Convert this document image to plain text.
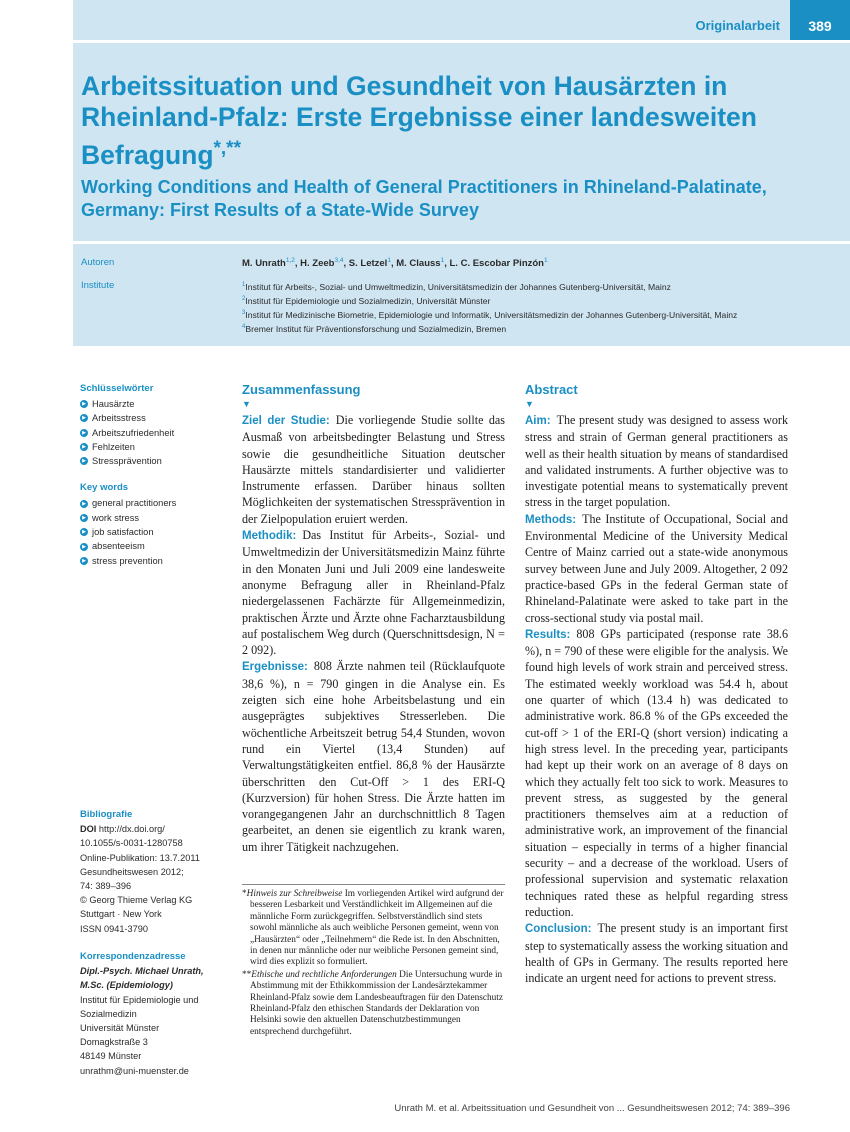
Originalarbeit	389
Arbeitssituation und Gesundheit von Hausärzten in Rheinland-Pfalz: Erste Ergebnisse einer landesweiten Befragung*,**
Working Conditions and Health of General Practitioners in Rhineland-Palatinate, Germany: First Results of a State-Wide Survey
Autoren	M. Unrath$^{1,2}$, H. Zeeb$^{3,4}$, S. Letzel$^1$, M. Clauss$^1$, L. C. Escobar Pinzón$^1$
Institute	$^1$Institut für Arbeits-, Sozial- und Umweltmedizin, Universitätsmedizin der Johannes Gutenberg-Universität, Mainz
$^2$Institut für Epidemiologie und Sozialmedizin, Universität Münster
$^3$Institut für Medizinische Biometrie, Epidemiologie und Informatik, Universitätsmedizin der Johannes Gutenberg-Universität, Mainz
$^4$Bremer Institut für Präventionsforschung und Sozialmedizin, Bremen
Schlüsselwörter
▶ Hausärzte
▶ Arbeitsstress
▶ Arbeitszufriedenheit
▶ Fehlzeiten
▶ Stressprävention
Key words
▶ general practitioners
▶ work stress
▶ job satisfaction
▶ absenteeism
▶ stress prevention
Bibliografie
DOI http://dx.doi.org/
10.1055/s-0031-1280758
Online-Publikation: 13.7.2011
Gesundheitswesen 2012;
74: 389–396
© Georg Thieme Verlag KG
Stuttgart · New York
ISSN 0941-3790
Korrespondenzadresse
Dipl.-Psych. Michael Unrath,
M.Sc. (Epidemiology)
Institut für Epidemiologie und
Sozialmedizin
Universität Münster
Domagkstraße 3
48149 Münster
unrathm@uni-muenster.de
Zusammenfassung
▼

Ziel der Studie: Die vorliegende Studie sollte das Ausmaß von arbeitsbedingter Belastung und Stress sowie die gesundheitliche Situation deutscher Hausärzte mittels standardisierter und validierter Instrumente erfassen. Darüber hinaus sollten Möglichkeiten der systematischen Stressprävention in der Zielpopulation eruiert werden.

Methodik: Das Institut für Arbeits-, Sozial- und Umweltmedizin der Universitätsmedizin Mainz führte in den Monaten Juni und Juli 2009 eine landesweite anonyme Befragung aller in Rheinland-Pfalz niedergelassenen Fachärzte für Allgemeinmedizin, praktischen Ärzte und Ärzte ohne Facharztausbildung auf postalischem Weg durch (Querschnittsdesign, N = 2 092).

Ergebnisse: 808 Ärzte nahmen teil (Rücklaufquote 38,6 %), n = 790 gingen in die Analyse ein. Es zeigten sich eine hohe Arbeitsbelastung und ein ausgeprägtes subjektives Stresserleben. Die wöchentliche Arbeitszeit betrug 54,4 Stunden, wovon rund ein Viertel (13,4 Stunden) auf Verwaltungstätigkeiten entfiel. 86,8 % der Hausärzte überschritten den Cut-Off > 1 des ERI-Q (Kurzversion) für hohen Stress. Die Ärzte hatten im vorangegangenen Jahr an durchschnittlich 8 Tagen gearbeitet, an denen sie eigentlich zu krank waren, um ihrer Tätigkeit nachzugehen.

*Hinweis zur Schreibweise Im vorliegenden Artikel wird aufgrund der besseren Lesbarkeit und Verständlichkeit im Allgemeinen auf die männliche Form zurückgegriffen. Selbstverständlich sind stets sowohl männliche als auch weibliche Personen gemeint, wenn von „Hausärzten“ oder „Teilnehmern“ die Rede ist. In den Abschnitten, in denen nur männliche oder nur weibliche Personen gemeint sind, wird dies explizit so formuliert.

**Ethische und rechtliche Anforderungen Die Untersuchung wurde in Abstimmung mit der Ethikkommission der Landesärztekammer Rheinland-Pfalz sowie dem Landesbeauftragen für den Datenschutz Rheinland-Pfalz den ethischen Standards der Deklaration von Helsinki sowie den aktuellen Datenschutzbestimmungen entsprechend durchgeführt.

Abstract
▼

Aim: The present study was designed to assess work stress and strain of German general practitioners as well as their health situation by means of standardised and validated instruments. A further objective was to investigate potential means to systematically prevent stress in the target population.

Methods: The Institute of Occupational, Social and Environmental Medicine of the University Medical Centre of Mainz carried out a state-wide anonymous survey between June and July 2009. Altogether, 2 092 practice-based GPs in the federal German state of Rhineland-Palatinate were asked to take part in the cross-sectional study via postal mail.

Results: 808 GPs participated (response rate 38.6 %), n = 790 of these were eligible for the analysis. We found high levels of work strain and perceived stress. The estimated weekly workload was 54.4 h, about one quarter of which (13.4 h) was dedicated to administrative work. 86.8 % of the GPs exceeded the cut-off > 1 of the ERI-Q (short version) indicating a high stress level. In the preceding year, participants had kept up their work on an average of 8 days on which they actually felt too sick to work. Measures to prevent stress, as suggested by the general practitioners themselves aim at a reduction of administrative work, an improvement of the financial situation – especially in terms of a higher financial security – and a decrease of the workload. Users of professional supervision and systematic relaxation techniques rated these as helpful regarding stress reduction.

Conclusion: The present study is an important first step to systematically assess the working situation and health of GPs in Germany. The results reported here indicate an urgent need for actions to prevent stress.

Unrath M. et al. Arbeitssituation und Gesundheit von ... Gesundheitswesen 2012; 74: 389–396
